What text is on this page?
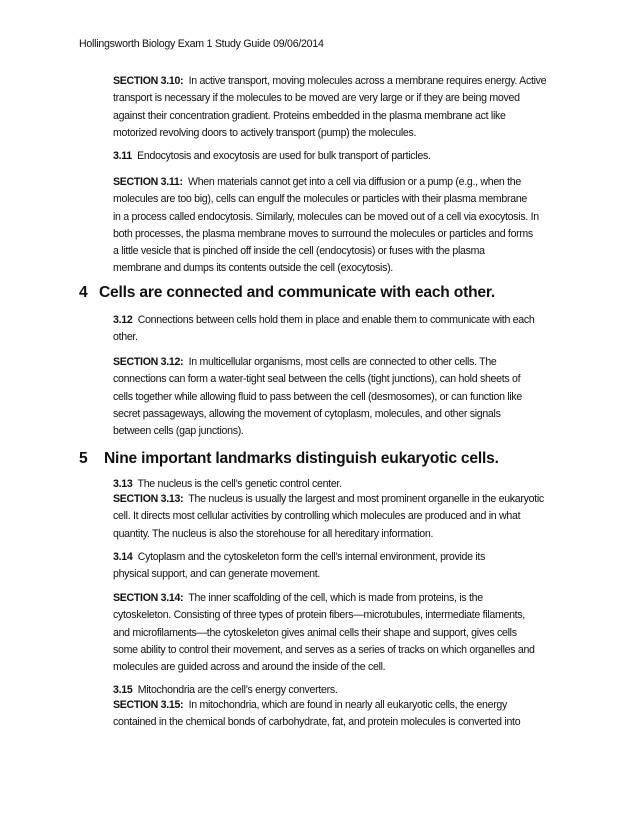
Hollingsworth Biology Exam 1 Study Guide 09/06/2014

SECTION 3.10: In active transport, moving molecules across a membrane requires energy. Active
transport is necessary if the molecules to be moved are very large or if they are being moved
against their concentration gradient. Proteins embedded in the plasma membrane act like
motorized revolving doors to actively transport (pump) the molecules.

3.11 Endocytosis and exocytosis are used for bulk transport of particles.

SECTION 3.11: When materials cannot get into a cell via diffusion or a pump (e.g., when the
molecules are too big), cells can engulf the molecules or particles with their plasma membrane
in a process called endocytosis. Similarly, molecules can be moved out of a cell via exocytosis. In
both processes, the plasma membrane moves to surround the molecules or particles and forms
a little vesicle that is pinched off inside the cell (endocytosis) or fuses with the plasma
membrane and dumps its contents outside the cell (exocytosis).

4 Cells are connected and communicate with each other.

3.12 Connections between cells hold them in place and enable them to communicate with each
other.

SECTION 3.12: In multicellular organisms, most cells are connected to other cells. The
connections can form a water-tight seal between the cells (tight junctions), can hold sheets of
cells together while allowing fluid to pass between the cell (desmosomes), or can function like
secret passageways, allowing the movement of cytoplasm, molecules, and other signals
between cells (gap junctions).

5 Nine important landmarks distinguish eukaryotic cells.

3.13 The nucleus is the cell’s genetic control center.

SECTION 3.13: The nucleus is usually the largest and most prominent organelle in the eukaryotic
cell. It directs most cellular activities by controlling which molecules are produced and in what
quantity. The nucleus is also the storehouse for all hereditary information.

3.14 Cytoplasm and the cytoskeleton form the cell’s internal environment, provide its
physical support, and can generate movement.

SECTION 3.14: The inner scaffolding of the cell, which is made from proteins, is the
cytoskeleton. Consisting of three types of protein fibers—microtubules, intermediate filaments,
and microfilaments—the cytoskeleton gives animal cells their shape and support, gives cells
some ability to control their movement, and serves as a series of tracks on which organelles and
molecules are guided across and around the inside of the cell.

3.15 Mitochondria are the cell’s energy converters.

SECTION 3.15: In mitochondria, which are found in nearly all eukaryotic cells, the energy
contained in the chemical bonds of carbohydrate, fat, and protein molecules is converted into
